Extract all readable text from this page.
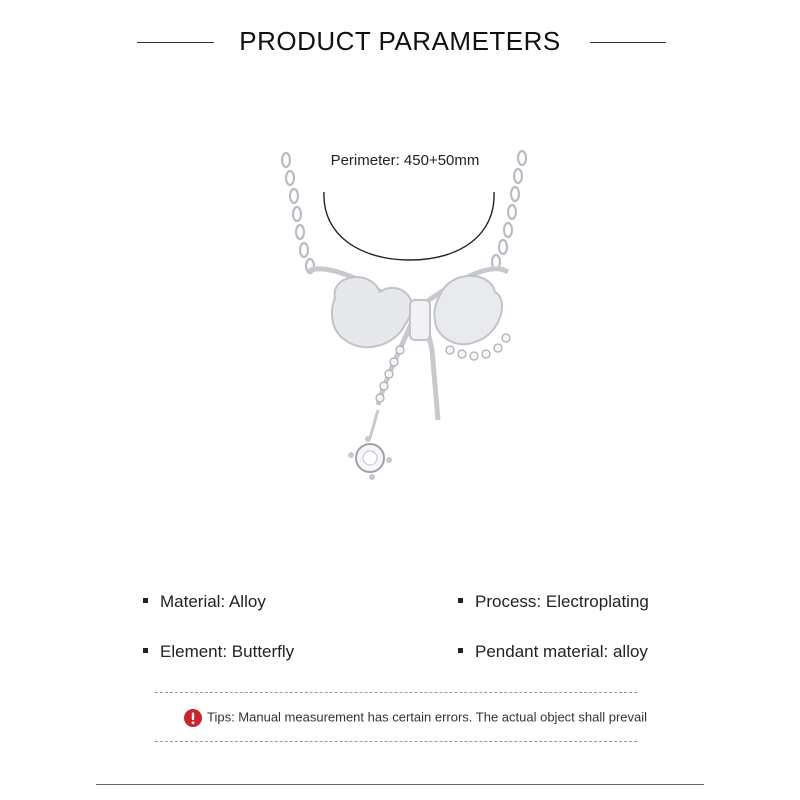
PRODUCT PARAMETERS
Perimeter: 450+50mm
Material: Alloy	Process: Electroplating
Element: Butterfly	Pendant material: alloy
Tips: Manual measurement has certain errors. The actual object shall prevail
